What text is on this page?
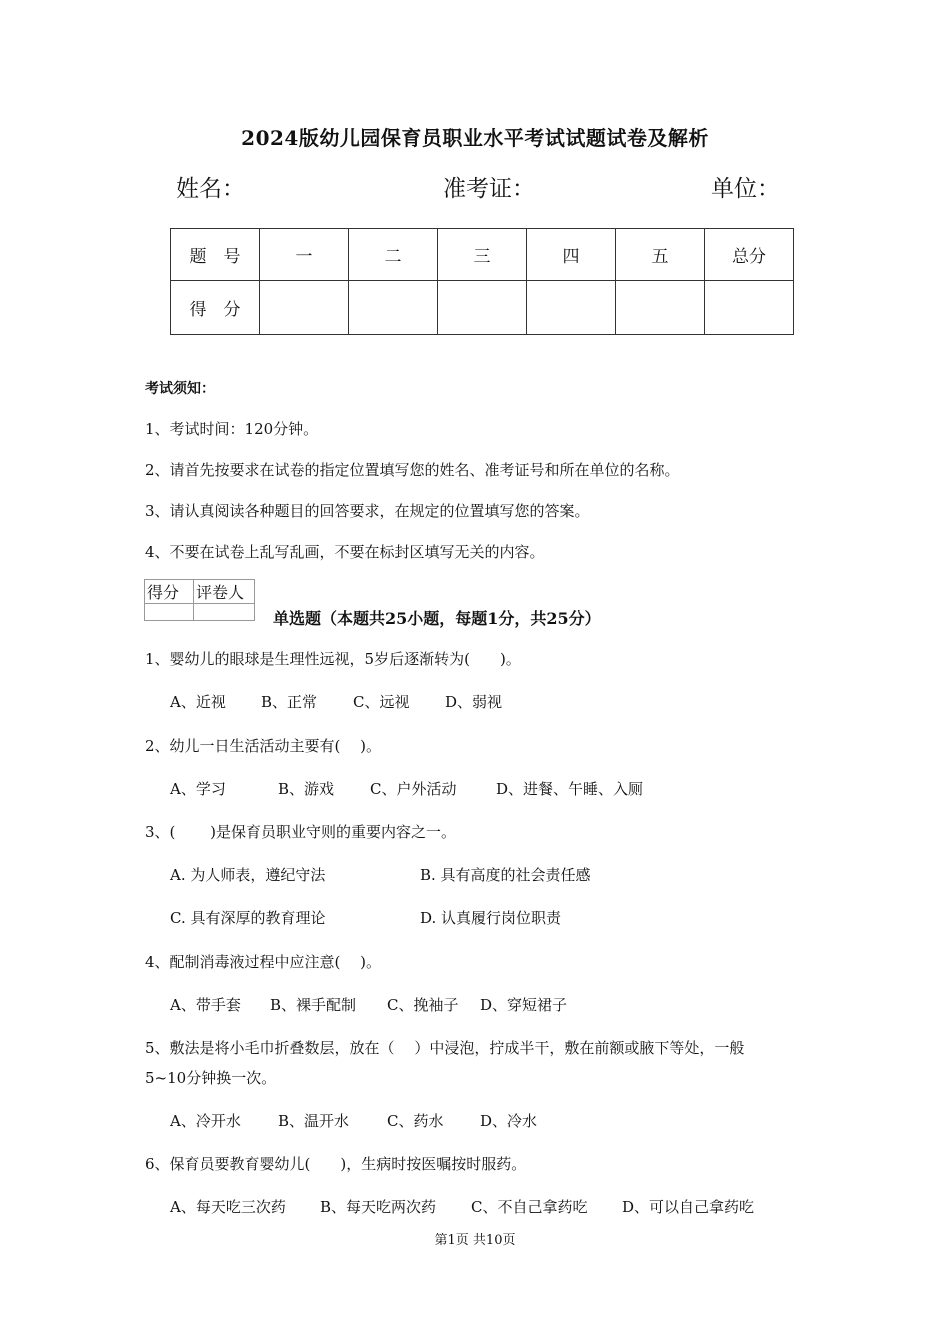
2024版幼儿园保育员职业水平考试试题试卷及解析
姓名：	准考证：	单位：
题　号	一	二	三	四	五	总分
得　分						
考试须知：
1、考试时间：120分钟。
2、请首先按要求在试卷的指定位置填写您的姓名、准考证号和所在单位的名称。
3、请认真阅读各种题目的回答要求，在规定的位置填写您的答案。
4、不要在试卷上乱写乱画，不要在标封区填写无关的内容。
得分	评卷人

单选题（本题共25小题，每题1分，共25分）
1、婴幼儿的眼球是生理性远视，5岁后逐渐转为(　　)。
A、近视 B、正常 C、远视 D、弱视
2、幼儿一日生活活动主要有(　 )。
A、学习	B、游戏 C、户外活动	D、进餐、午睡、入厕
3、(　　 )是保育员职业守则的重要内容之一。
A. 为人师表，遵纪守法	B. 具有高度的社会责任感
C. 具有深厚的教育理论	D. 认真履行岗位职责
4、配制消毒液过程中应注意(　 )。
A、带手套 B、裸手配制 C、挽袖子 D、穿短裙子
5、敷法是将小毛巾折叠数层，放在（　 ）中浸泡，拧成半干，敷在前额或腋下等处，一般
5~10分钟换一次。
A、冷开水 B、温开水	C、药水 D、冷水
6、保育员要教育婴幼儿(　　)，生病时按医嘱按时服药。
A、每天吃三次药 B、每天吃两次药 C、不自己拿药吃 D、可以自己拿药吃
第1页 共10页
